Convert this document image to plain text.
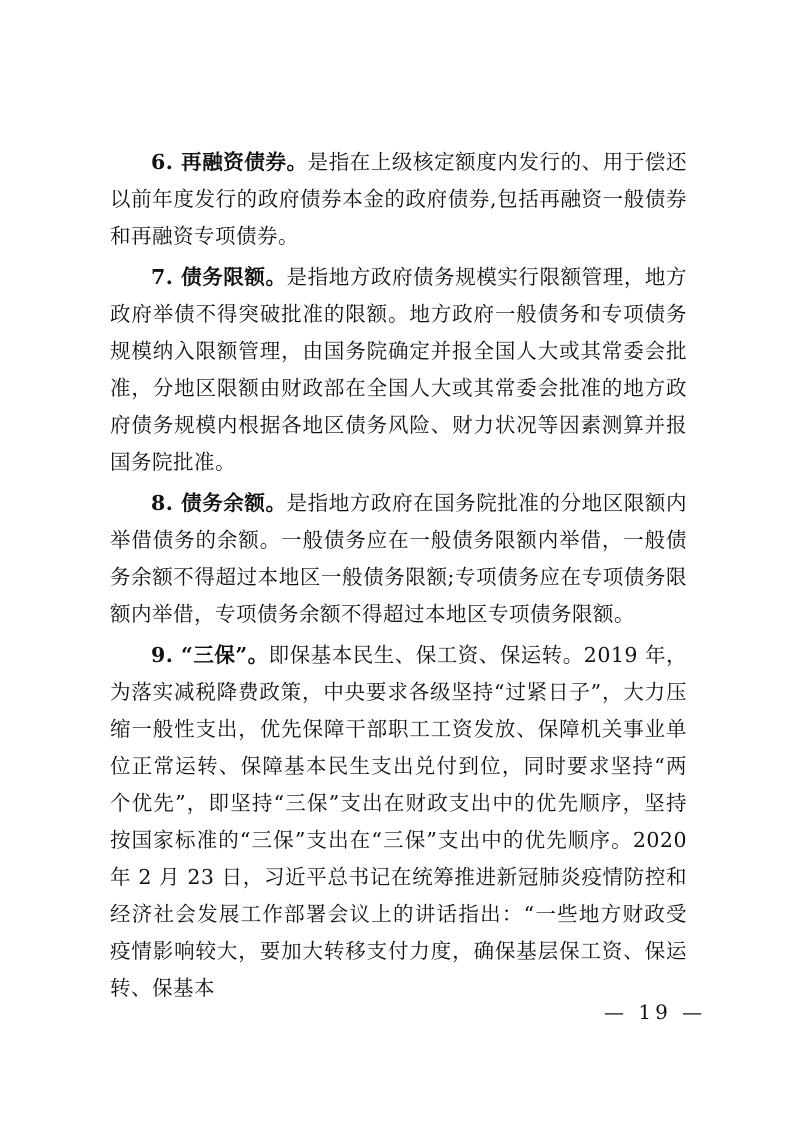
6. 再融资债券。是指在上级核定额度内发行的、用于偿还以前年度发行的政府债券本金的政府债券,包括再融资一般债券和再融资专项债券。

7. 债务限额。是指地方政府债务规模实行限额管理，地方政府举债不得突破批准的限额。地方政府一般债务和专项债务规模纳入限额管理，由国务院确定并报全国人大或其常委会批准，分地区限额由财政部在全国人大或其常委会批准的地方政府债务规模内根据各地区债务风险、财力状况等因素测算并报国务院批准。

8. 债务余额。是指地方政府在国务院批准的分地区限额内举借债务的余额。一般债务应在一般债务限额内举借，一般债务余额不得超过本地区一般债务限额;专项债务应在专项债务限额内举借，专项债务余额不得超过本地区专项债务限额。

9. “三保”。即保基本民生、保工资、保运转。2019 年，为落实减税降费政策，中央要求各级坚持“过紧日子”，大力压缩一般性支出，优先保障干部职工工资发放、保障机关事业单位正常运转、保障基本民生支出兑付到位，同时要求坚持“两个优先”，即坚持“三保”支出在财政支出中的优先顺序，坚持按国家标准的“三保”支出在“三保”支出中的优先顺序。2020 年 2 月 23 日，习近平总书记在统筹推进新冠肺炎疫情防控和经济社会发展工作部署会议上的讲话指出：“一些地方财政受疫情影响较大，要加大转移支付力度，确保基层保工资、保运转、保基本

— 19 —
